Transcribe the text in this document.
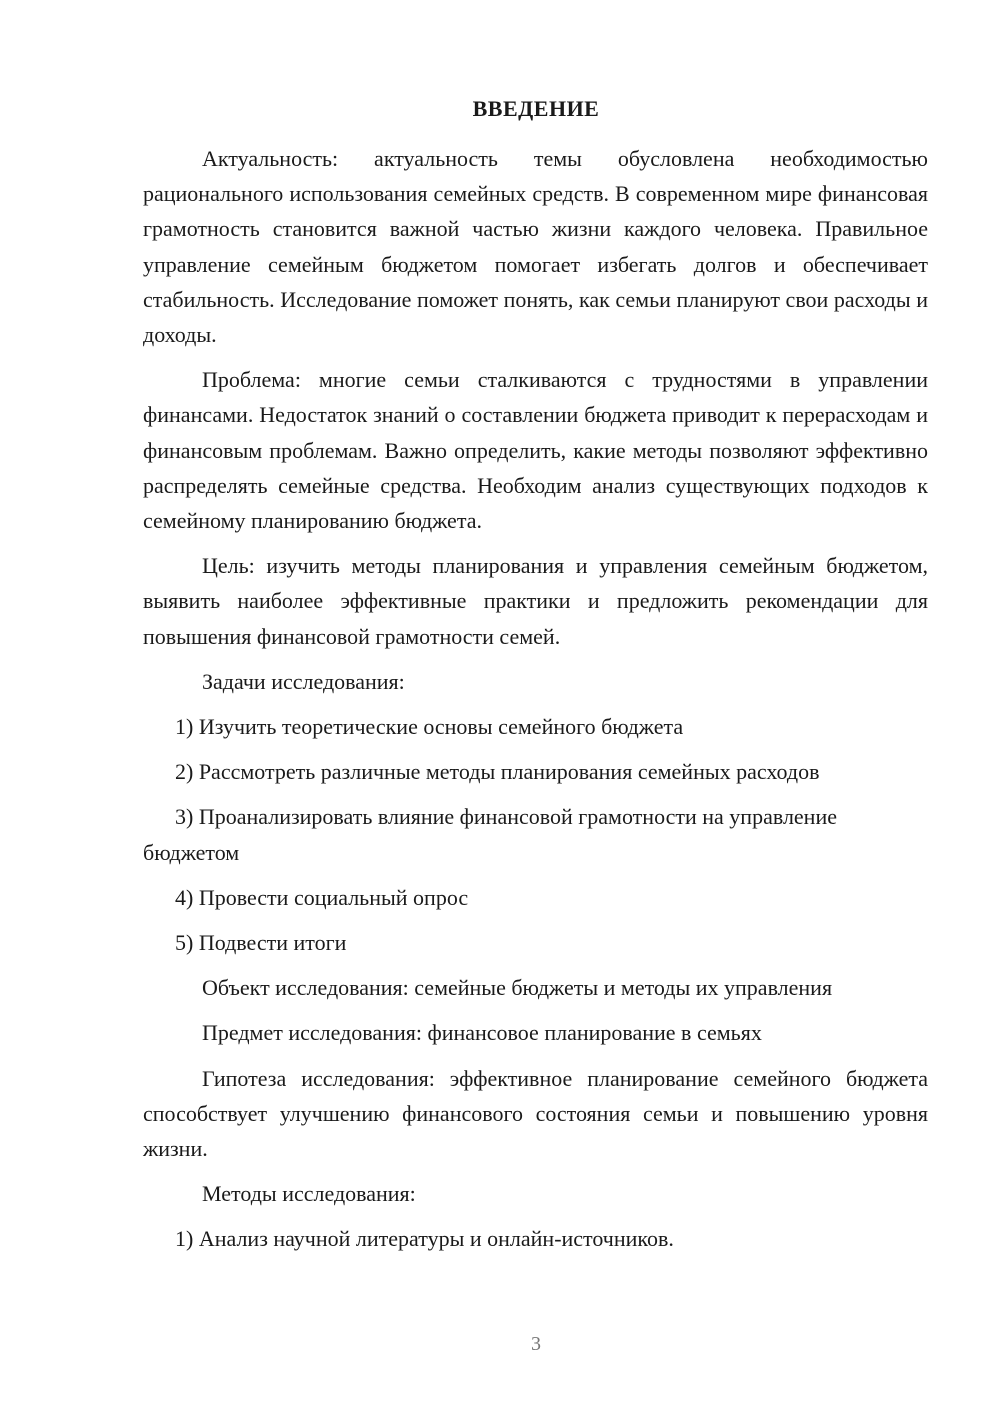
ВВЕДЕНИЕ

Актуальность: актуальность темы обусловлена необходимостью рационального использования семейных средств. В современном мире финансовая грамотность становится важной частью жизни каждого человека. Правильное управление семейным бюджетом помогает избегать долгов и обеспечивает стабильность. Исследование поможет понять, как семьи планируют свои расходы и доходы.

Проблема: многие семьи сталкиваются с трудностями в управлении финансами. Недостаток знаний о составлении бюджета приводит к перерасходам и финансовым проблемам. Важно определить, какие методы позволяют эффективно распределять семейные средства. Необходим анализ существующих подходов к семейному планированию бюджета.

Цель: изучить методы планирования и управления семейным бюджетом, выявить наиболее эффективные практики и предложить рекомендации для повышения финансовой грамотности семей.

Задачи исследования:

1) Изучить теоретические основы семейного бюджета

2) Рассмотреть различные методы планирования семейных расходов

3) Проанализировать влияние финансовой грамотности на управление бюджетом

4) Провести социальный опрос

5) Подвести итоги

Объект исследования: семейные бюджеты и методы их управления

Предмет исследования: финансовое планирование в семьях

Гипотеза исследования: эффективное планирование семейного бюджета способствует улучшению финансового состояния семьи и повышению уровня жизни.

Методы исследования:

1) Анализ научной литературы и онлайн-источников.

3
